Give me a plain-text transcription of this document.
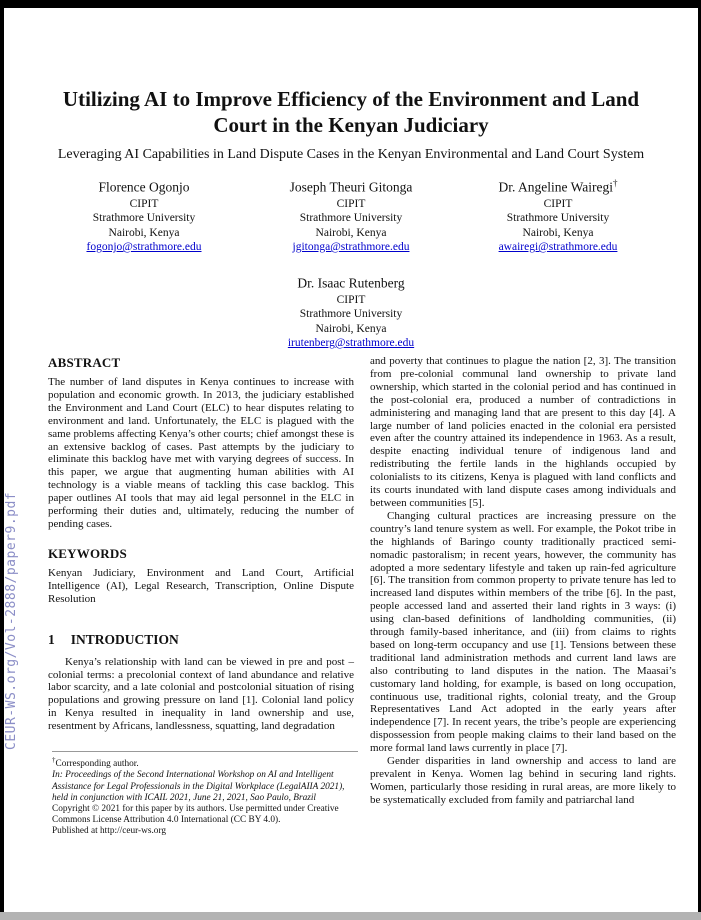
Utilizing AI to Improve Efficiency of the Environment and Land Court in the Kenyan Judiciary
Leveraging AI Capabilities in Land Dispute Cases in the Kenyan Environmental and Land Court System
Florence Ogonjo
CIPIT
Strathmore University
Nairobi, Kenya
fogonjo@strathmore.edu
Joseph Theuri Gitonga
CIPIT
Strathmore University
Nairobi, Kenya
jgitonga@strathmore.edu
Dr. Angeline Wairegi†
CIPIT
Strathmore University
Nairobi, Kenya
awairegi@strathmore.edu
Dr. Isaac Rutenberg
CIPIT
Strathmore University
Nairobi, Kenya
irutenberg@strathmore.edu
ABSTRACT

The number of land disputes in Kenya continues to increase with population and economic growth. In 2013, the judiciary established the Environment and Land Court (ELC) to hear disputes relating to environment and land. Unfortunately, the ELC is plagued with the same problems affecting Kenya’s other courts; chief amongst these is an extensive backlog of cases. Past attempts by the judiciary to eliminate this backlog have met with varying degrees of success. In this paper, we argue that augmenting human abilities with AI technology is a viable means of tackling this case backlog. This paper outlines AI tools that may aid legal personnel in the ELC in performing their duties and, ultimately, reducing the number of pending cases.

KEYWORDS

Kenyan Judiciary, Environment and Land Court, Artificial Intelligence (AI), Legal Research, Transcription, Online Dispute Resolution

1 INTRODUCTION

Kenya’s relationship with land can be viewed in pre and post – colonial terms: a precolonial context of land abundance and relative labor scarcity, and a late colonial and postcolonial situation of rising populations and growing pressure on land [1]. Colonial land policy in Kenya resulted in inequality in land ownership and use, resentment by Africans, landlessness, squatting, land degradation

and poverty that continues to plague the nation [2, 3]. The transition from pre-colonial communal land ownership to private land ownership, which started in the colonial period and has continued in the post-colonial era, produced a number of contradictions in administering and managing land that are present to this day [4]. A large number of land policies enacted in the colonial era persisted even after the country attained its independence in 1963. As a result, despite enacting individual tenure of indigenous land and redistributing the fertile lands in the highlands occupied by colonialists to its citizens, Kenya is plagued with land conflicts and its courts inundated with land dispute cases among individuals and between communities [5].

Changing cultural practices are increasing pressure on the country’s land tenure system as well. For example, the Pokot tribe in the highlands of Baringo county traditionally practiced semi-nomadic pastoralism; in recent years, however, the community has adopted a more sedentary lifestyle and taken up rain-fed agriculture [6]. The transition from common property to private tenure has led to increased land disputes within members of the tribe [6]. In the past, people accessed land and asserted their land rights in 3 ways: (i) using clan-based definitions of landholding communities, (ii) through family-based inheritance, and (iii) from claims to rights based on long-term occupancy and use [1]. Tensions between these traditional land administration methods and current land laws are also contributing to land disputes in the nation. The Maasai’s customary land holding, for example, is based on long occupation, continuous use, traditional rights, colonial treaty, and the Group Representatives Land Act adopted in the early years after independence [7]. In recent years, the tribe’s people are experiencing dispossession from people making claims to their land based on the more formal land laws currently in place [7].

Gender disparities in land ownership and access to land are prevalent in Kenya. Women lag behind in securing land rights. Women, particularly those residing in rural areas, are more likely to be systematically excluded from family and patriarchal land

†Corresponding author.
In: Proceedings of the Second International Workshop on AI and Intelligent Assistance for Legal Professionals in the Digital Workplace (LegalAIIA 2021), held in conjunction with ICAIL 2021, June 21, 2021, Sao Paulo, Brazil
Copyright © 2021 for this paper by its authors. Use permitted under Creative Commons License Attribution 4.0 International (CC BY 4.0).
Published at http://ceur-ws.org
CEUR-WS.org/Vol-2888/paper9.pdf
